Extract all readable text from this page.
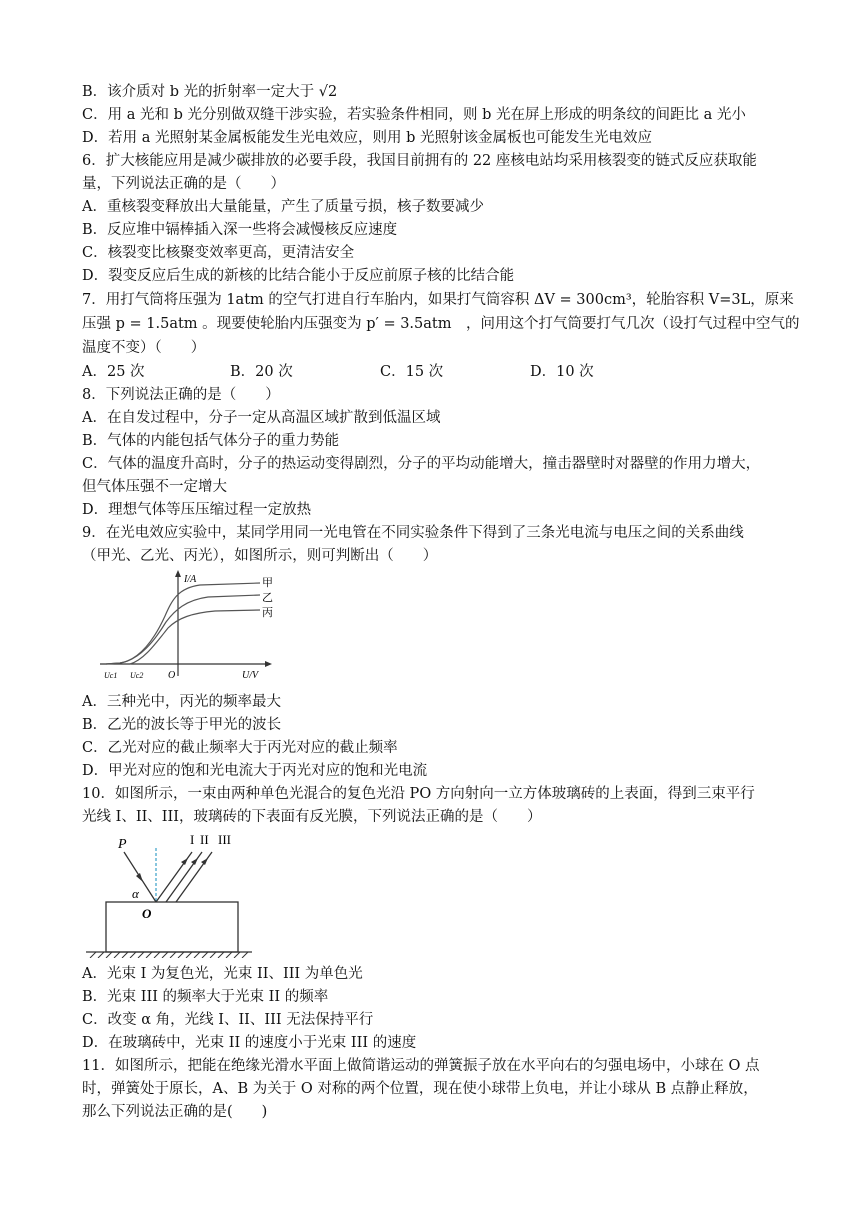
B．该介质对 b 光的折射率一定大于 √2
C．用 a 光和 b 光分别做双缝干涉实验，若实验条件相同，则 b 光在屏上形成的明条纹的间距比 a 光小
D．若用 a 光照射某金属板能发生光电效应，则用 b 光照射该金属板也可能发生光电效应
6．扩大核能应用是减少碳排放的必要手段，我国目前拥有的 22 座核电站均采用核裂变的链式反应获取能
量，下列说法正确的是（　　）
A．重核裂变释放出大量能量，产生了质量亏损，核子数要减少
B．反应堆中镉棒插入深一些将会减慢核反应速度
C．核裂变比核聚变效率更高，更清洁安全
D．裂变反应后生成的新核的比结合能小于反应前原子核的比结合能
7．用打气筒将压强为 1atm 的空气打进自行车胎内，如果打气筒容积 ΔV = 300cm³，轮胎容积 V=3L，原来
压强 p = 1.5atm 。现要使轮胎内压强变为 p′ = 3.5atm　，问用这个打气筒要打气几次（设打气过程中空气的
温度不变）（　　）
A．25 次	B．20 次	C．15 次	D．10 次
8．下列说法正确的是（　　）
A．在自发过程中，分子一定从高温区域扩散到低温区域
B．气体的内能包括气体分子的重力势能
C．气体的温度升高时，分子的热运动变得剧烈，分子的平均动能增大，撞击器壁时对器壁的作用力增大，
但气体压强不一定增大
D．理想气体等压压缩过程一定放热
9．在光电效应实验中，某同学用同一光电管在不同实验条件下得到了三条光电流与电压之间的关系曲线
（甲光、乙光、丙光），如图所示，则可判断出（　　）
I/A
U/V
O
Uc1 Uc2
甲
乙
丙
A．三种光中，丙光的频率最大
B．乙光的波长等于甲光的波长
C．乙光对应的截止频率大于丙光对应的截止频率
D．甲光对应的饱和光电流大于丙光对应的饱和光电流
10．如图所示，一束由两种单色光混合的复色光沿 PO 方向射向一立方体玻璃砖的上表面，得到三束平行
光线 I、II、III，玻璃砖的下表面有反光膜，下列说法正确的是（　　）
P
α
O
I II III
A．光束 I 为复色光，光束 II、III 为单色光
B．光束 III 的频率大于光束 II 的频率
C．改变 α 角，光线 I、II、III 无法保持平行
D．在玻璃砖中，光束 II 的速度小于光束 III 的速度
11．如图所示，把能在绝缘光滑水平面上做简谐运动的弹簧振子放在水平向右的匀强电场中，小球在 O 点
时，弹簧处于原长，A、B 为关于 O 对称的两个位置，现在使小球带上负电，并让小球从 B 点静止释放，
那么下列说法正确的是(　　)
